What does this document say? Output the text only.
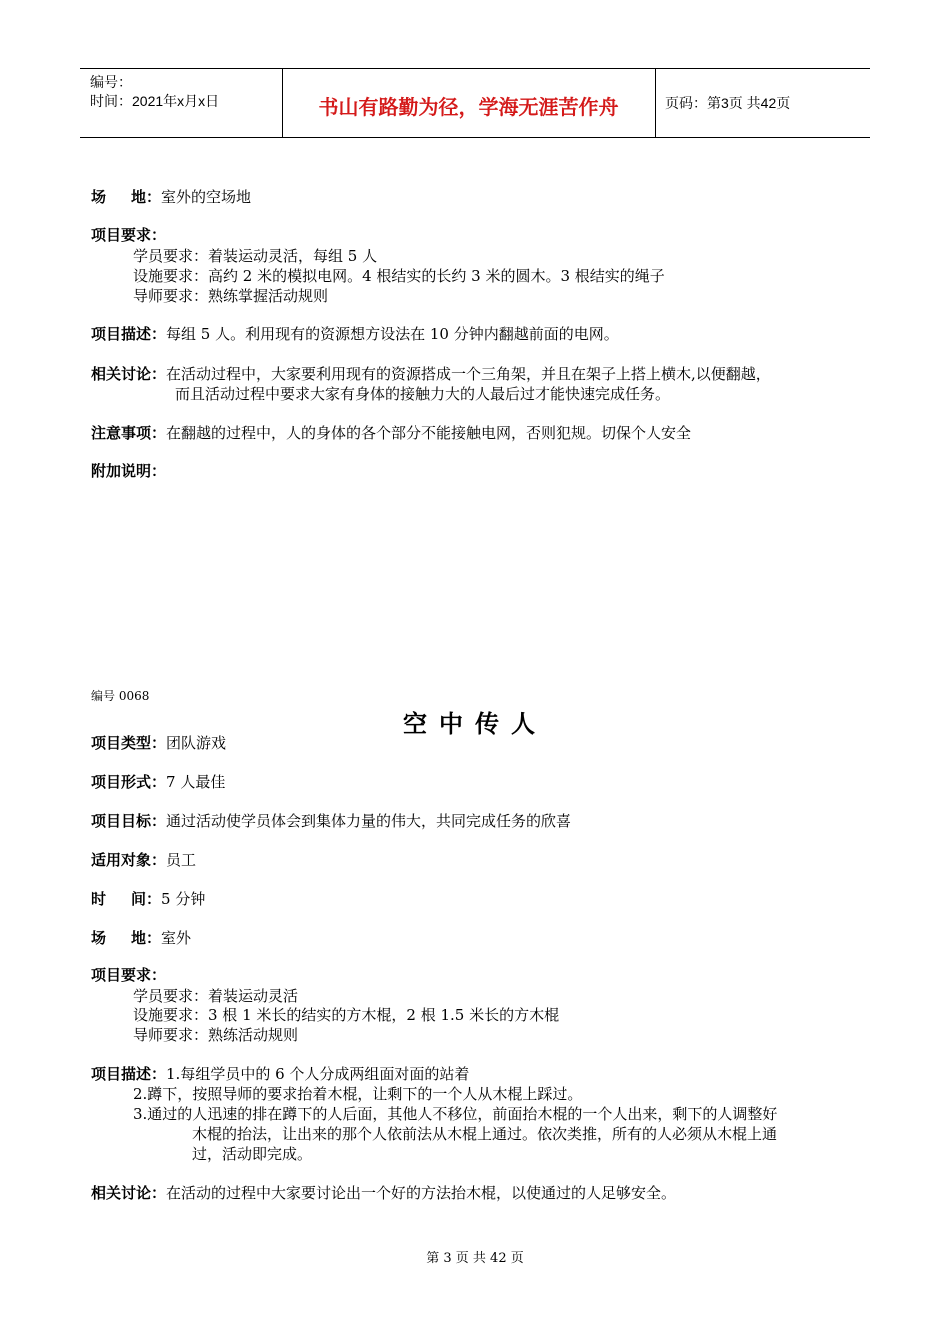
编号：
时间：2021年x月x日	书山有路勤为径，学海无涯苦作舟	页码：第3页 共42页
场      地：室外的空场地
项目要求：
学员要求：着装运动灵活，每组 5 人
设施要求：高约 2 米的模拟电网。4 根结实的长约 3 米的圆木。3 根结实的绳子
导师要求：熟练掌握活动规则
项目描述：每组 5 人。利用现有的资源想方设法在 10 分钟内翻越前面的电网。
相关讨论：在活动过程中，大家要利用现有的资源搭成一个三角架，并且在架子上搭上横木,以便翻越，
而且活动过程中要求大家有身体的接触力大的人最后过才能快速完成任务。
注意事项：在翻越的过程中，人的身体的各个部分不能接触电网，否则犯规。切保个人安全
附加说明：
编号 0068
空中传人
项目类型：团队游戏
项目形式：7 人最佳
项目目标：通过活动使学员体会到集体力量的伟大，共同完成任务的欣喜
适用对象：员工
时      间：5 分钟
场      地：室外
项目要求：
学员要求：着装运动灵活
设施要求：3 根 1 米长的结实的方木棍，2 根 1.5 米长的方木棍
导师要求：熟练活动规则
项目描述：1.每组学员中的 6 个人分成两组面对面的站着
2.蹲下，按照导师的要求抬着木棍，让剩下的一个人从木棍上踩过。
3.通过的人迅速的排在蹲下的人后面，其他人不移位，前面抬木棍的一个人出来，剩下的人调整好
木棍的抬法，让出来的那个人依前法从木棍上通过。依次类推，所有的人必须从木棍上通
过，活动即完成。
相关讨论：在活动的过程中大家要讨论出一个好的方法抬木棍，以使通过的人足够安全。
第 3 页 共 42 页
